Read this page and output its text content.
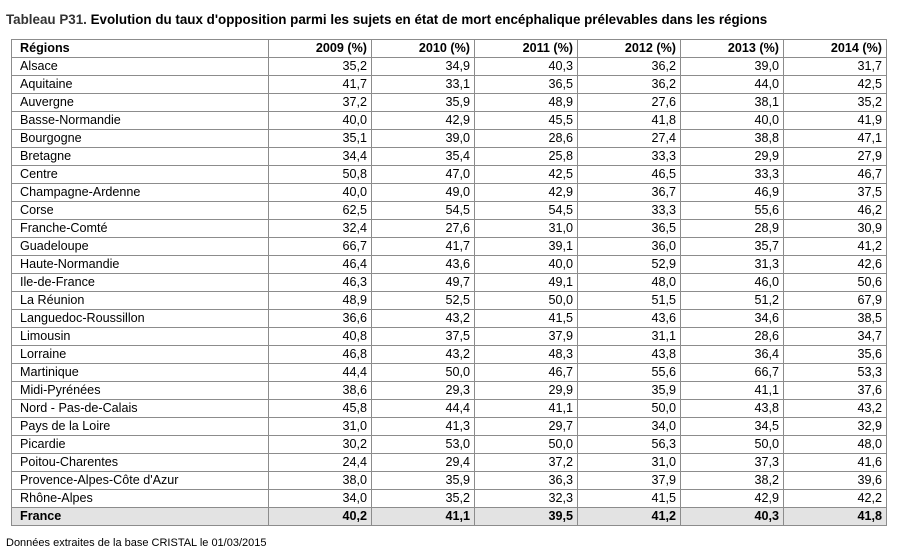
Tableau P31. Evolution du taux d'opposition parmi les sujets en état de mort encéphalique prélevables dans les régions
Régions	2009 (%)	2010 (%)	2011 (%)	2012 (%)	2013 (%)	2014 (%)
Alsace	35,2	34,9	40,3	36,2	39,0	31,7
Aquitaine	41,7	33,1	36,5	36,2	44,0	42,5
Auvergne	37,2	35,9	48,9	27,6	38,1	35,2
Basse-Normandie	40,0	42,9	45,5	41,8	40,0	41,9
Bourgogne	35,1	39,0	28,6	27,4	38,8	47,1
Bretagne	34,4	35,4	25,8	33,3	29,9	27,9
Centre	50,8	47,0	42,5	46,5	33,3	46,7
Champagne-Ardenne	40,0	49,0	42,9	36,7	46,9	37,5
Corse	62,5	54,5	54,5	33,3	55,6	46,2
Franche-Comté	32,4	27,6	31,0	36,5	28,9	30,9
Guadeloupe	66,7	41,7	39,1	36,0	35,7	41,2
Haute-Normandie	46,4	43,6	40,0	52,9	31,3	42,6
Ile-de-France	46,3	49,7	49,1	48,0	46,0	50,6
La Réunion	48,9	52,5	50,0	51,5	51,2	67,9
Languedoc-Roussillon	36,6	43,2	41,5	43,6	34,6	38,5
Limousin	40,8	37,5	37,9	31,1	28,6	34,7
Lorraine	46,8	43,2	48,3	43,8	36,4	35,6
Martinique	44,4	50,0	46,7	55,6	66,7	53,3
Midi-Pyrénées	38,6	29,3	29,9	35,9	41,1	37,6
Nord - Pas-de-Calais	45,8	44,4	41,1	50,0	43,8	43,2
Pays de la Loire	31,0	41,3	29,7	34,0	34,5	32,9
Picardie	30,2	53,0	50,0	56,3	50,0	48,0
Poitou-Charentes	24,4	29,4	37,2	31,0	37,3	41,6
Provence-Alpes-Côte d'Azur	38,0	35,9	36,3	37,9	38,2	39,6
Rhône-Alpes	34,0	35,2	32,3	41,5	42,9	42,2
France	40,2	41,1	39,5	41,2	40,3	41,8
Données extraites de la base CRISTAL le 01/03/2015
